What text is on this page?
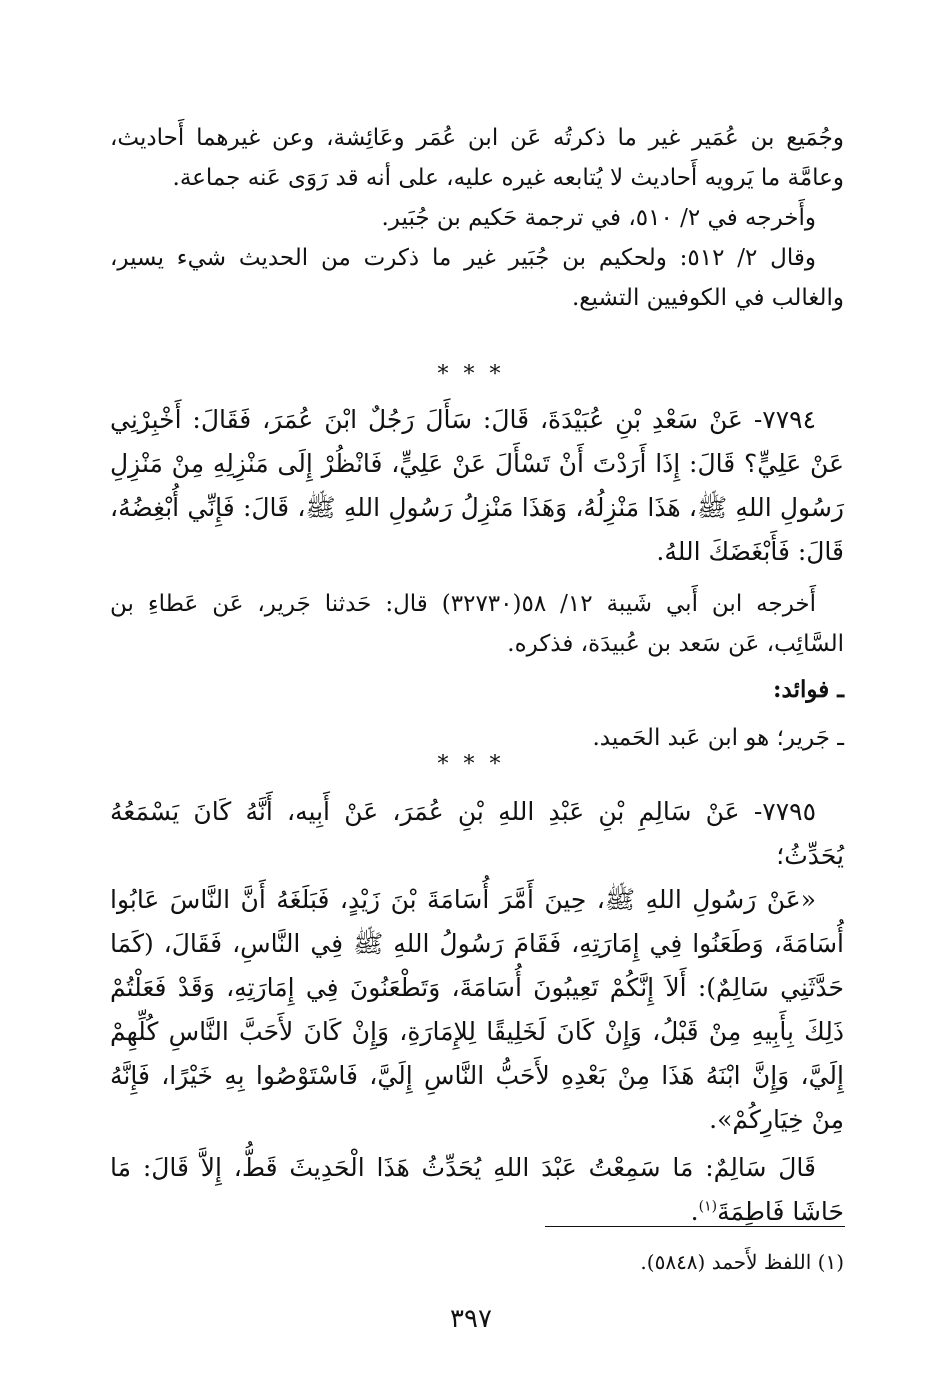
وجُمَيع بن عُمَير غير ما ذكرتُه عَن ابن عُمَر وعَائِشة، وعن غيرهما أَحاديث، وعامَّة ما يَرويه أَحاديث لا يُتابعه غيره عليه، على أنه قد رَوَى عَنه جماعة.

وأَخرجه في ٢/ ٥١٠، في ترجمة حَكيم بن جُبَير.

وقال ٢/ ٥١٢: ولحكيم بن جُبَير غير ما ذكرت من الحديث شيء يسير، والغالب في الكوفيين التشيع.

* * *

٧٧٩٤- عَنْ سَعْدِ بْنِ عُبَيْدَةَ، قَالَ: سَأَلَ رَجُلٌ ابْنَ عُمَرَ، فَقَالَ: أَخْبِرْنِي عَنْ عَلِيٍّ؟ قَالَ: إِذَا أَرَدْتَ أَنْ تَسْأَلَ عَنْ عَلِيٍّ، فَانْظُرْ إِلَى مَنْزِلِهِ مِنْ مَنْزِلِ رَسُولِ اللهِ ﷺ، هَذَا مَنْزِلُهُ، وَهَذَا مَنْزِلُ رَسُولِ اللهِ ﷺ، قَالَ: فَإِنِّي أُبْغِضُهُ، قَالَ: فَأَبْغَضَكَ اللهُ.

أَخرجه ابن أَبي شَيبة ١٢/ ٥٨(٣٢٧٣٠) قال: حَدثنا جَرير، عَن عَطاءِ بن السَّائِب، عَن سَعد بن عُبيدَة، فذكره.

ـ فوائد:

ـ جَرير؛ هو ابن عَبد الحَميد.

* * *

٧٧٩٥- عَنْ سَالِمِ بْنِ عَبْدِ اللهِ بْنِ عُمَرَ، عَنْ أَبِيه، أَنَّهُ كَانَ يَسْمَعُهُ يُحَدِّثُ؛

«عَنْ رَسُولِ اللهِ ﷺ، حِينَ أَمَّرَ أُسَامَةَ بْنَ زَيْدٍ، فَبَلَغَهُ أَنَّ النَّاسَ عَابُوا أُسَامَةَ، وَطَعَنُوا فِي إِمَارَتِهِ، فَقَامَ رَسُولُ اللهِ ﷺ فِي النَّاسِ، فَقَالَ، (كَمَا حَدَّثَنِي سَالِمٌ): أَلاَ إِنَّكُمْ تَعِيبُونَ أُسَامَةَ، وَتَطْعَنُونَ فِي إِمَارَتِهِ، وَقَدْ فَعَلْتُمْ ذَلِكَ بِأَبِيهِ مِنْ قَبْلُ، وَإِنْ كَانَ لَخَلِيقًا لِلإِمَارَةِ، وَإِنْ كَانَ لأَحَبَّ النَّاسِ كُلِّهِمْ إِلَيَّ، وَإِنَّ ابْنَهُ هَذَا مِنْ بَعْدِهِ لأَحَبُّ النَّاسِ إِلَيَّ، فَاسْتَوْصُوا بِهِ خَيْرًا، فَإِنَّهُ مِنْ خِيَارِكُمْ».

قَالَ سَالِمٌ: مَا سَمِعْتُ عَبْدَ اللهِ يُحَدِّثُ هَذَا الْحَدِيثَ قَطُّ، إِلاَّ قَالَ: مَا حَاشَا فَاطِمَةَ$^{(١)}$.

(١) اللفظ لأَحمد (٥٨٤٨).
٣٩٧
